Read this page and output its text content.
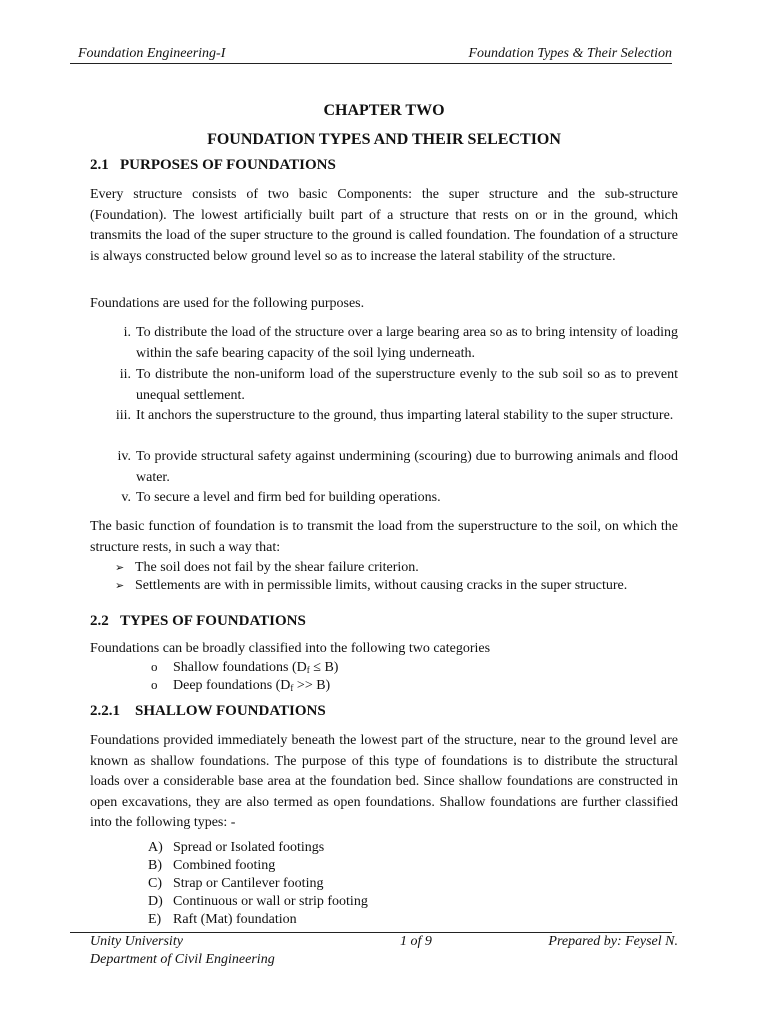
Foundation Engineering-I	Foundation Types & Their Selection
CHAPTER TWO
FOUNDATION TYPES AND THEIR SELECTION
2.1 PURPOSES OF FOUNDATIONS
Every structure consists of two basic Components: the super structure and the sub-structure (Foundation). The lowest artificially built part of a structure that rests on or in the ground, which transmits the load of the super structure to the ground is called foundation. The foundation of a structure is always constructed below ground level so as to increase the lateral stability of the structure.
Foundations are used for the following purposes.
i. To distribute the load of the structure over a large bearing area so as to bring intensity of loading within the safe bearing capacity of the soil lying underneath.
ii. To distribute the non-uniform load of the superstructure evenly to the sub soil so as to prevent unequal settlement.
iii. It anchors the superstructure to the ground, thus imparting lateral stability to the super structure.
iv. To provide structural safety against undermining (scouring) due to burrowing animals and flood water.
v. To secure a level and firm bed for building operations.
The basic function of foundation is to transmit the load from the superstructure to the soil, on which the structure rests, in such a way that:
➢ The soil does not fail by the shear failure criterion.
➢ Settlements are with in permissible limits, without causing cracks in the super structure.
2.2 TYPES OF FOUNDATIONS
Foundations can be broadly classified into the following two categories
o Shallow foundations $(D_f \le B)$
o Deep foundations $(D_f >> B)$
2.2.1 SHALLOW FOUNDATIONS
Foundations provided immediately beneath the lowest part of the structure, near to the ground level are known as shallow foundations. The purpose of this type of foundations is to distribute the structural loads over a considerable base area at the foundation bed. Since shallow foundations are constructed in open excavations, they are also termed as open foundations. Shallow foundations are further classified into the following types: -
A) Spread or Isolated footings
B) Combined footing
C) Strap or Cantilever footing
D) Continuous or wall or strip footing
E) Raft (Mat) foundation
Unity University	1 of 9	Prepared by: Feysel N.
Department of Civil Engineering
